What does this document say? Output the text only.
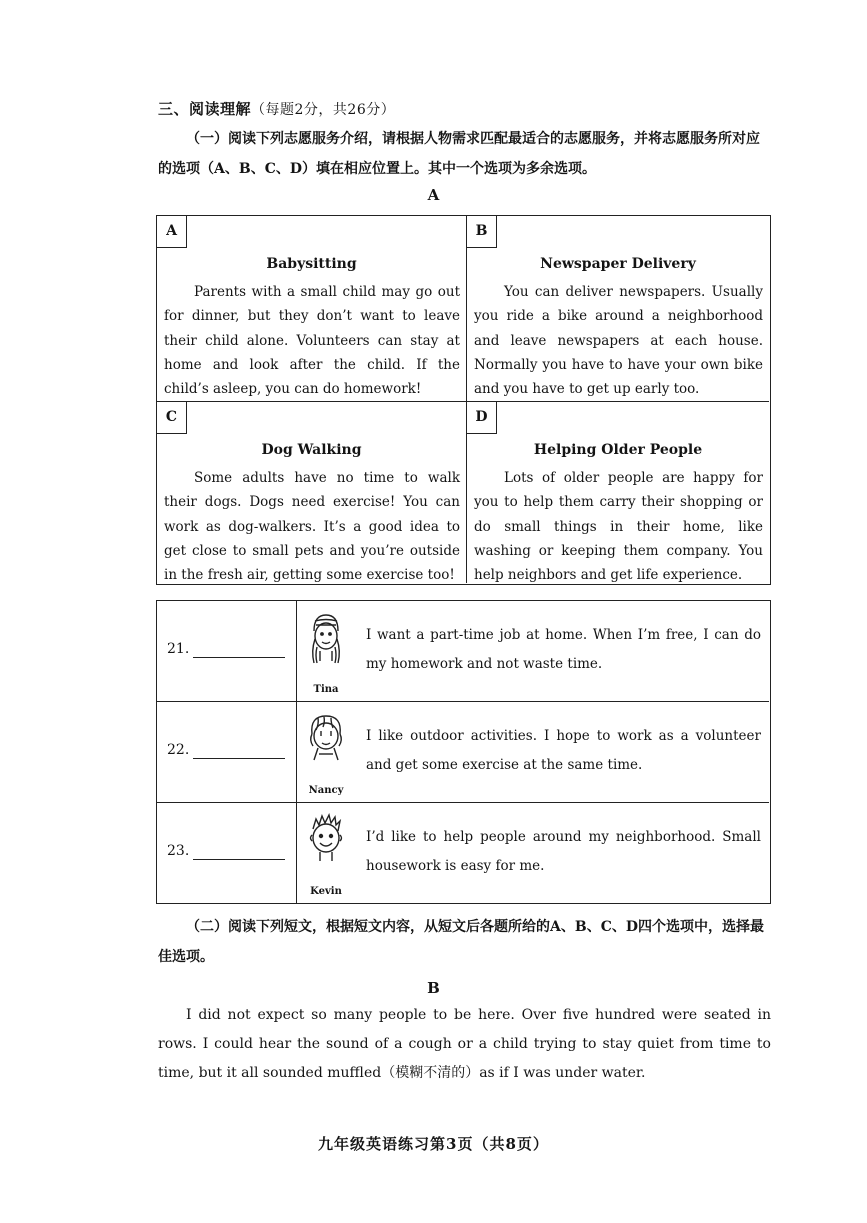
三、阅读理解（每题2分，共26分）
（一）阅读下列志愿服务介绍，请根据人物需求匹配最适合的志愿服务，并将志愿服务所对应的选项（A、B、C、D）填在相应位置上。其中一个选项为多余选项。
A
A
Babysitting
Parents with a small child may go out for dinner, but they don’t want to leave their child alone. Volunteers can stay at home and look after the child. If the child’s asleep, you can do homework!
B
Newspaper Delivery
You can deliver newspapers. Usually you ride a bike around a neighborhood and leave newspapers at each house. Normally you have to have your own bike and you have to get up early too.
C
Dog Walking
Some adults have no time to walk their dogs. Dogs need exercise! You can work as dog-walkers. It’s a good idea to get close to small pets and you’re outside in the fresh air, getting some exercise too!
D
Helping Older People
Lots of older people are happy for you to help them carry their shopping or do small things in their home, like washing or keeping them company. You help neighbors and get life experience.
21.
Tina
I want a part-time job at home. When I’m free, I can do my homework and not waste time.
22.
Nancy
I like outdoor activities. I hope to work as a volunteer and get some exercise at the same time.
23.
Kevin
I’d like to help people around my neighborhood. Small housework is easy for me.
（二）阅读下列短文，根据短文内容，从短文后各题所给的A、B、C、D四个选项中，选择最佳选项。
B
I did not expect so many people to be here. Over five hundred were seated in rows. I could hear the sound of a cough or a child trying to stay quiet from time to time, but it all sounded muffled（模糊不清的）as if I was under water.
九年级英语练习第3页（共8页）
